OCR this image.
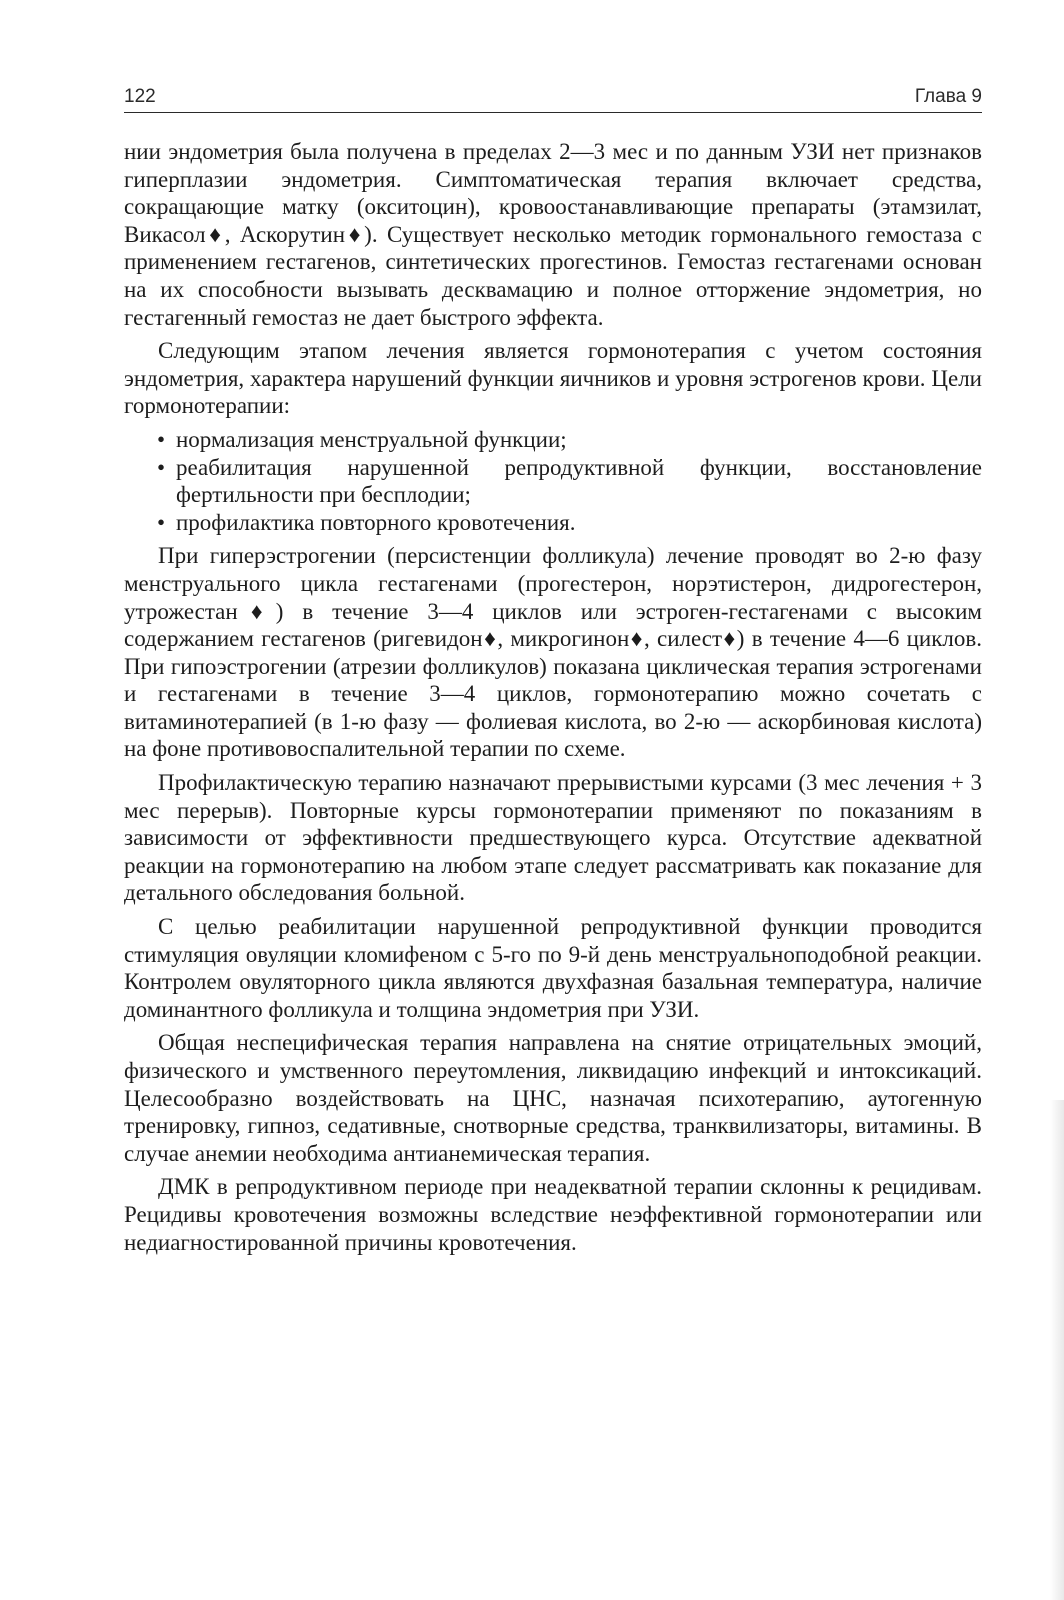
122	Глава 9

нии эндометрия была получена в пределах 2—3 мес и по данным УЗИ нет признаков гиперплазии эндометрия. Симптоматическая терапия включает средства, сокращающие матку (окситоцин), кровоостанавливающие препараты (этамзилат, Викасол♦, Аскорутин♦). Существует несколько методик гормонального гемостаза с применением гестагенов, синтетических прогестинов. Гемостаз гестагенами основан на их способности вызывать десквамацию и полное отторжение эндометрия, но гестагенный гемостаз не дает быстрого эффекта.

Следующим этапом лечения является гормонотерапия с учетом состояния эндометрия, характера нарушений функции яичников и уровня эстрогенов крови. Цели гормонотерапии:

• нормализация менструальной функции;
• реабилитация нарушенной репродуктивной функции, восстановление фертильности при бесплодии;
• профилактика повторного кровотечения.

При гиперэстрогении (персистенции фолликула) лечение проводят во 2-ю фазу менструального цикла гестагенами (прогестерон, норэтистерон, дидрогестерон, утрожестан♦) в течение 3—4 циклов или эстроген-гестагенами с высоким содержанием гестагенов (ригевидон♦, микрогинон♦, силест♦) в течение 4—6 циклов. При гипоэстрогении (атрезии фолликулов) показана циклическая терапия эстрогенами и гестагенами в течение 3—4 циклов, гормонотерапию можно сочетать с витаминотерапией (в 1-ю фазу — фолиевая кислота, во 2-ю — аскорбиновая кислота) на фоне противовоспалительной терапии по схеме.

Профилактическую терапию назначают прерывистыми курсами (3 мес лечения + 3 мес перерыв). Повторные курсы гормонотерапии применяют по показаниям в зависимости от эффективности предшествующего курса. Отсутствие адекватной реакции на гормонотерапию на любом этапе следует рассматривать как показание для детального обследования больной.

С целью реабилитации нарушенной репродуктивной функции проводится стимуляция овуляции кломифеном с 5-го по 9-й день менструальноподобной реакции. Контролем овуляторного цикла являются двухфазная базальная температура, наличие доминантного фолликула и толщина эндометрия при УЗИ.

Общая неспецифическая терапия направлена на снятие отрицательных эмоций, физического и умственного переутомления, ликвидацию инфекций и интоксикаций. Целесообразно воздействовать на ЦНС, назначая психотерапию, аутогенную тренировку, гипноз, седативные, снотворные средства, транквилизаторы, витамины. В случае анемии необходима антианемическая терапия.

ДМК в репродуктивном периоде при неадекватной терапии склонны к рецидивам. Рецидивы кровотечения возможны вследствие неэффективной гормонотерапии или недиагностированной причины кровотечения.
